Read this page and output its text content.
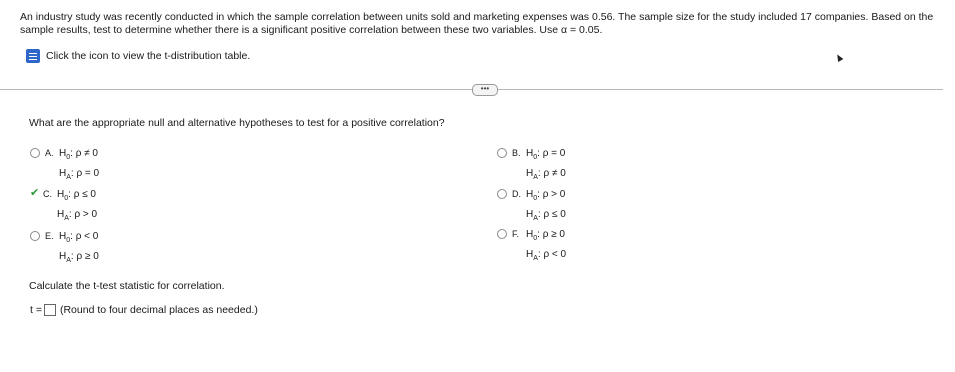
An industry study was recently conducted in which the sample correlation between units sold and marketing expenses was 0.56. The sample size for the study included 17 companies. Based on the sample results, test to determine whether there is a significant positive correlation between these two variables. Use α = 0.05.
Click the icon to view the t-distribution table.
•••
What are the appropriate null and alternative hypotheses to test for a positive correlation?
A. $H_0$: ρ ≠ 0
$H_A$: ρ = 0
B. $H_0$: ρ = 0
$H_A$: ρ ≠ 0
✔ C. $H_0$: ρ ≤ 0
$H_A$: ρ > 0
D. $H_0$: ρ > 0
$H_A$: ρ ≤ 0
E. $H_0$: ρ < 0
$H_A$: ρ ≥ 0
F. $H_0$: ρ ≥ 0
$H_A$: ρ < 0
Calculate the t-test statistic for correlation.
t = (Round to four decimal places as needed.)
